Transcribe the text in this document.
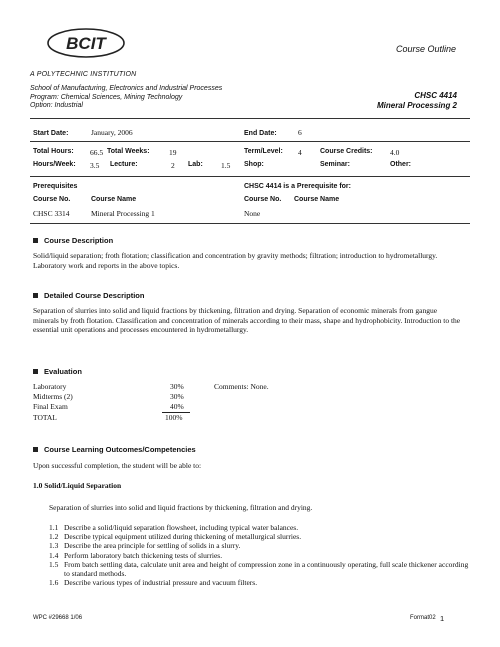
BCIT	Course Outline
A POLYTECHNIC INSTITUTION
School of Manufacturing, Electronics and Industrial Processes
Program: Chemical Sciences, Mining Technology
Option: Industrial
CHSC 4414
Mineral Processing 2
Start Date:	January, 2006	End Date:	6
Total Hours: 66.5 Total Weeks:	19	Term/Level: 4	Course Credits: 4.0
Hours/Week: 3.5 Lecture:	2 Lab: 1.5 Shop:	Seminar:	Other:
Prerequisites	CHSC 4414 is a Prerequisite for:
Course No.	Course Name	Course No. Course Name
CHSC 3314	Mineral Processing 1	None
Course Description
Solid/liquid separation; froth flotation; classification and concentration by gravity methods; filtration; introduction to hydrometallurgy. Laboratory work and reports in the above topics.
Detailed Course Description
Separation of slurries into solid and liquid fractions by thickening, filtration and drying. Separation of economic minerals from gangue minerals by froth flotation. Classification and concentration of minerals according to their mass, shape and hydrophobicity. Introduction to the essential unit operations and processes encountered in hydrometallurgy.
Evaluation
Comments: None.
Laboratory	30%
Midterms (2)	30%
Final Exam	40%
TOTAL	100%
Course Learning Outcomes/Competencies
Upon successful completion, the student will be able to:
1.0 Solid/Liquid Separation
Separation of slurries into solid and liquid fractions by thickening, filtration and drying.
1.1 Describe a solid/liquid separation flowsheet, including typical water balances.
1.2 Describe typical equipment utilized during thickening of metallurgical slurries.
1.3 Describe the area principle for settling of solids in a slurry.
1.4 Perform laboratory batch thickening tests of slurries.
1.5 From batch settling data, calculate unit area and height of compression zone in a continuously operating, full scale thickener according to standard methods.
1.6 Describe various types of industrial pressure and vacuum filters.
WPC #29668 1/06	Format02 1
